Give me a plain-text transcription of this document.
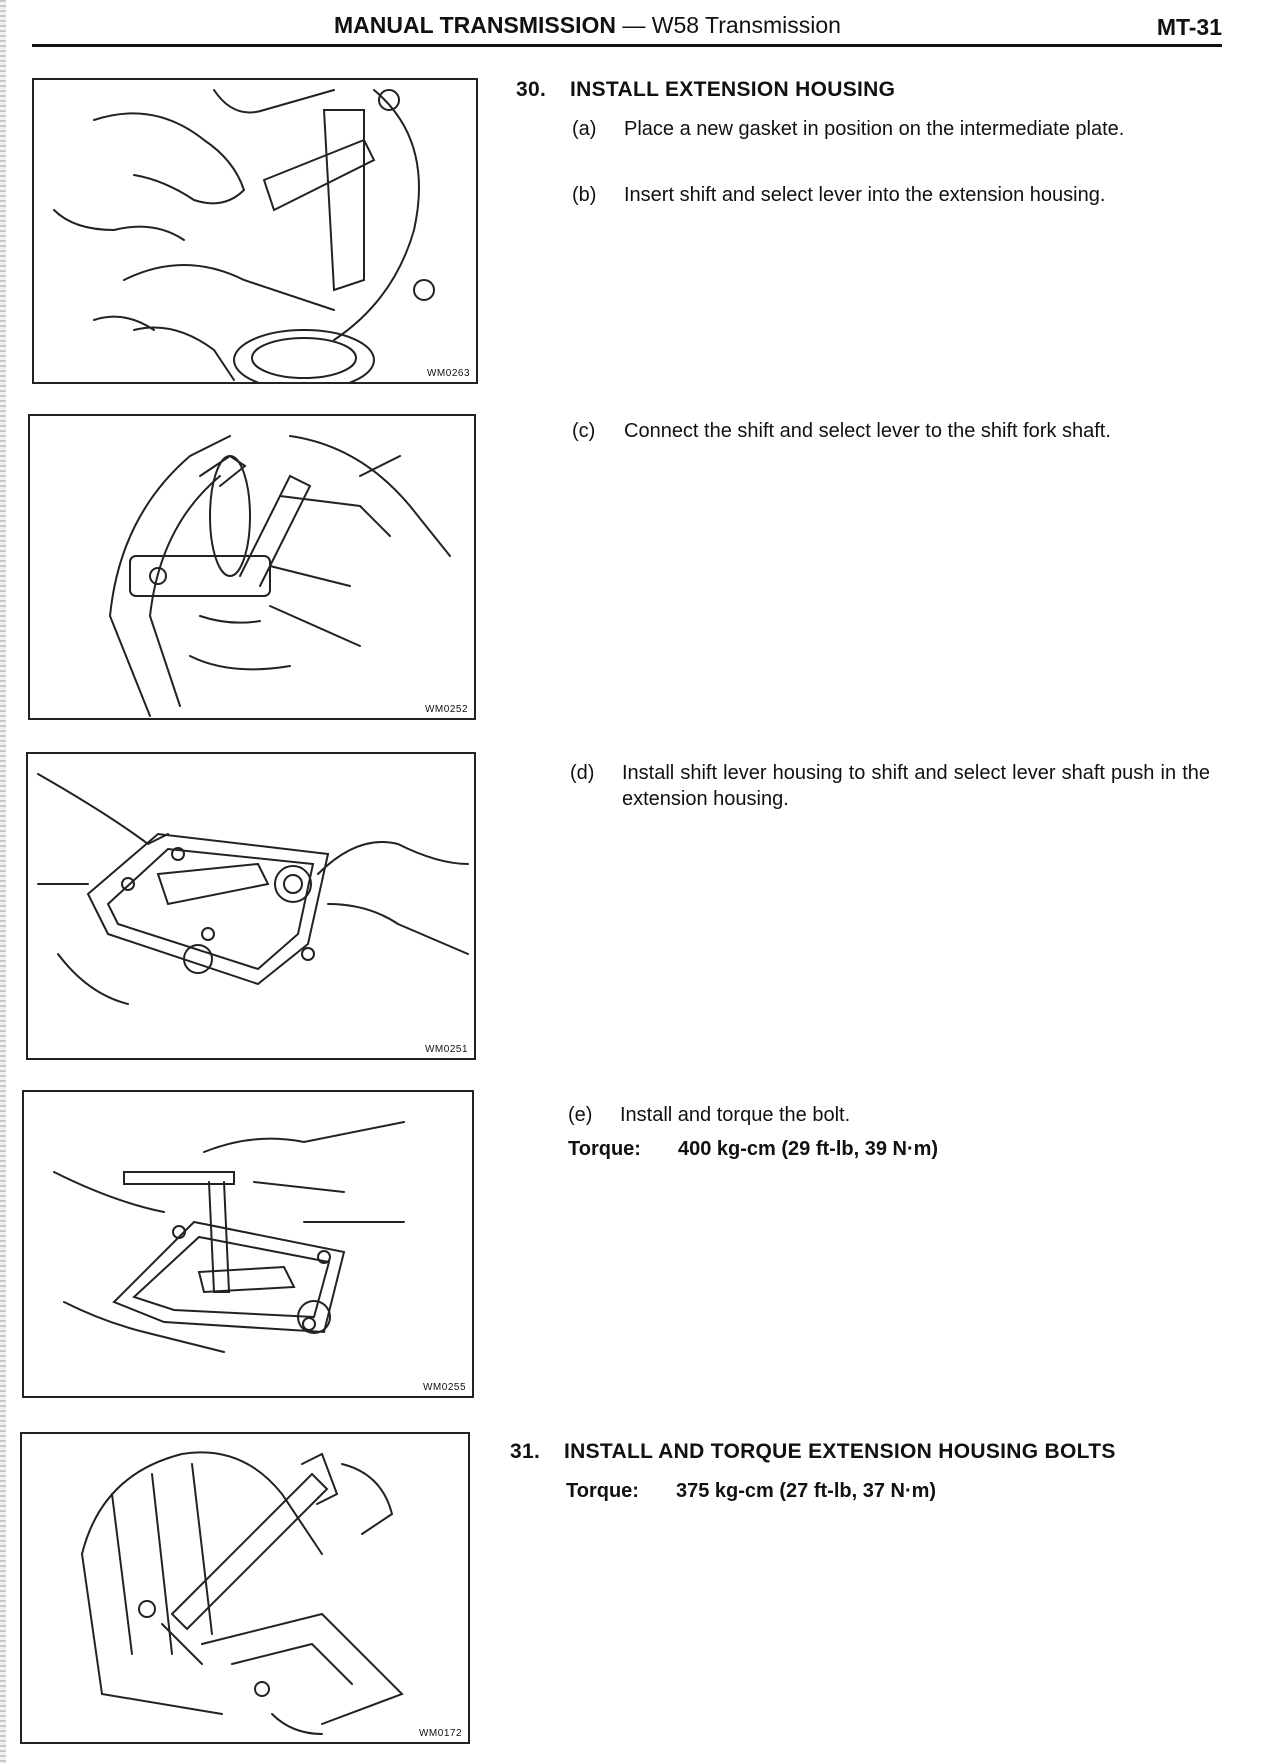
MANUAL TRANSMISSION — W58 Transmission	MT-31
WM0263
WM0252
WM0251
WM0255
WM0172
30. INSTALL EXTENSION HOUSING
(a)	Place a new gasket in position on the intermediate plate.
(b)	Insert shift and select lever into the extension housing.
(c)	Connect the shift and select lever to the shift fork shaft.
(d)	Install shift lever housing to shift and select lever shaft push in the extension housing.
(e)	Install and torque the bolt.
Torque: 400 kg-cm (29 ft-lb, 39 N·m)
31. INSTALL AND TORQUE EXTENSION HOUSING BOLTS
Torque: 375 kg-cm (27 ft-lb, 37 N·m)
